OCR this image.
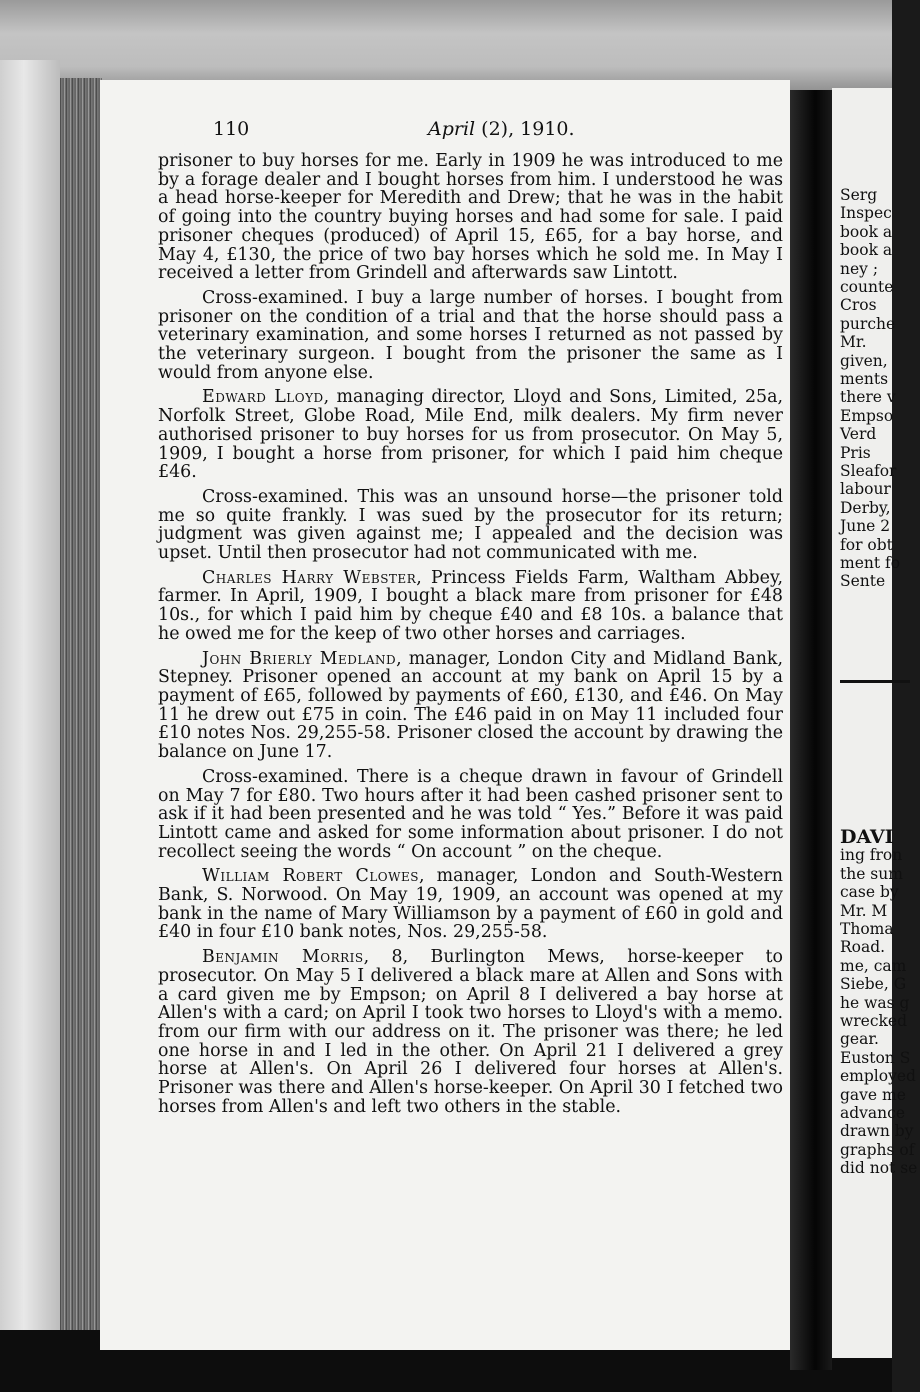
110	April (2), 1910.

prisoner to buy horses for me. Early in 1909 he was introduced to me by a forage dealer and I bought horses from him. I understood he was a head horse-keeper for Meredith and Drew; that he was in the habit of going into the country buying horses and had some for sale. I paid prisoner cheques (produced) of April 15, £65, for a bay horse, and May 4, £130, the price of two bay horses which he sold me. In May I received a letter from Grindell and afterwards saw Lintott.

Cross-examined. I buy a large number of horses. I bought from prisoner on the condition of a trial and that the horse should pass a veterinary examination, and some horses I returned as not passed by the veterinary surgeon. I bought from the prisoner the same as I would from anyone else.

Edward Lloyd, managing director, Lloyd and Sons, Limited, 25a, Norfolk Street, Globe Road, Mile End, milk dealers. My firm never authorised prisoner to buy horses for us from prosecutor. On May 5, 1909, I bought a horse from prisoner, for which I paid him cheque £46.

Cross-examined. This was an unsound horse—the prisoner told me so quite frankly. I was sued by the prosecutor for its return; judgment was given against me; I appealed and the decision was upset. Until then prosecutor had not communicated with me.

Charles Harry Webster, Princess Fields Farm, Waltham Abbey, farmer. In April, 1909, I bought a black mare from prisoner for £48 10s., for which I paid him by cheque £40 and £8 10s. a balance that he owed me for the keep of two other horses and carriages.

John Brierly Medland, manager, London City and Midland Bank, Stepney. Prisoner opened an account at my bank on April 15 by a payment of £65, followed by payments of £60, £130, and £46. On May 11 he drew out £75 in coin. The £46 paid in on May 11 included four £10 notes Nos. 29,255-58. Prisoner closed the account by drawing the balance on June 17.

Cross-examined. There is a cheque drawn in favour of Grindell on May 7 for £80. Two hours after it had been cashed prisoner sent to ask if it had been presented and he was told “ Yes.” Before it was paid Lintott came and asked for some information about prisoner. I do not recollect seeing the words “ On account ” on the cheque.

William Robert Clowes, manager, London and South-Western Bank, S. Norwood. On May 19, 1909, an account was opened at my bank in the name of Mary Williamson by a payment of £60 in gold and £40 in four £10 bank notes, Nos. 29,255-58.

Benjamin Morris, 8, Burlington Mews, horse-keeper to prosecutor. On May 5 I delivered a black mare at Allen and Sons with a card given me by Empson; on April 8 I delivered a bay horse at Allen's with a card; on April I took two horses to Lloyd's with a memo. from our firm with our address on it. The prisoner was there; he led one horse in and I led in the other. On April 21 I delivered a grey horse at Allen's. On April 26 I delivered four horses at Allen's. Prisoner was there and Allen's horse-keeper. On April 30 I fetched two horses from Allen's and left two others in the stable.

Serg
Inspec
book a
book a
ney ;
counte
Cros
purche
Mr.
given,
ments
there v
Empso
Verd
Pris
Sleafor
labour
Derby,
June 2
for obt
ment fo
Sente
DAVI
ing fron
the sum
case by
Mr. M
Thoma
Road.
me, cam
Siebe, G
he was g
wrecked
gear.
Euston S
employed
gave me
advance
drawn by
graphs of
did not se
